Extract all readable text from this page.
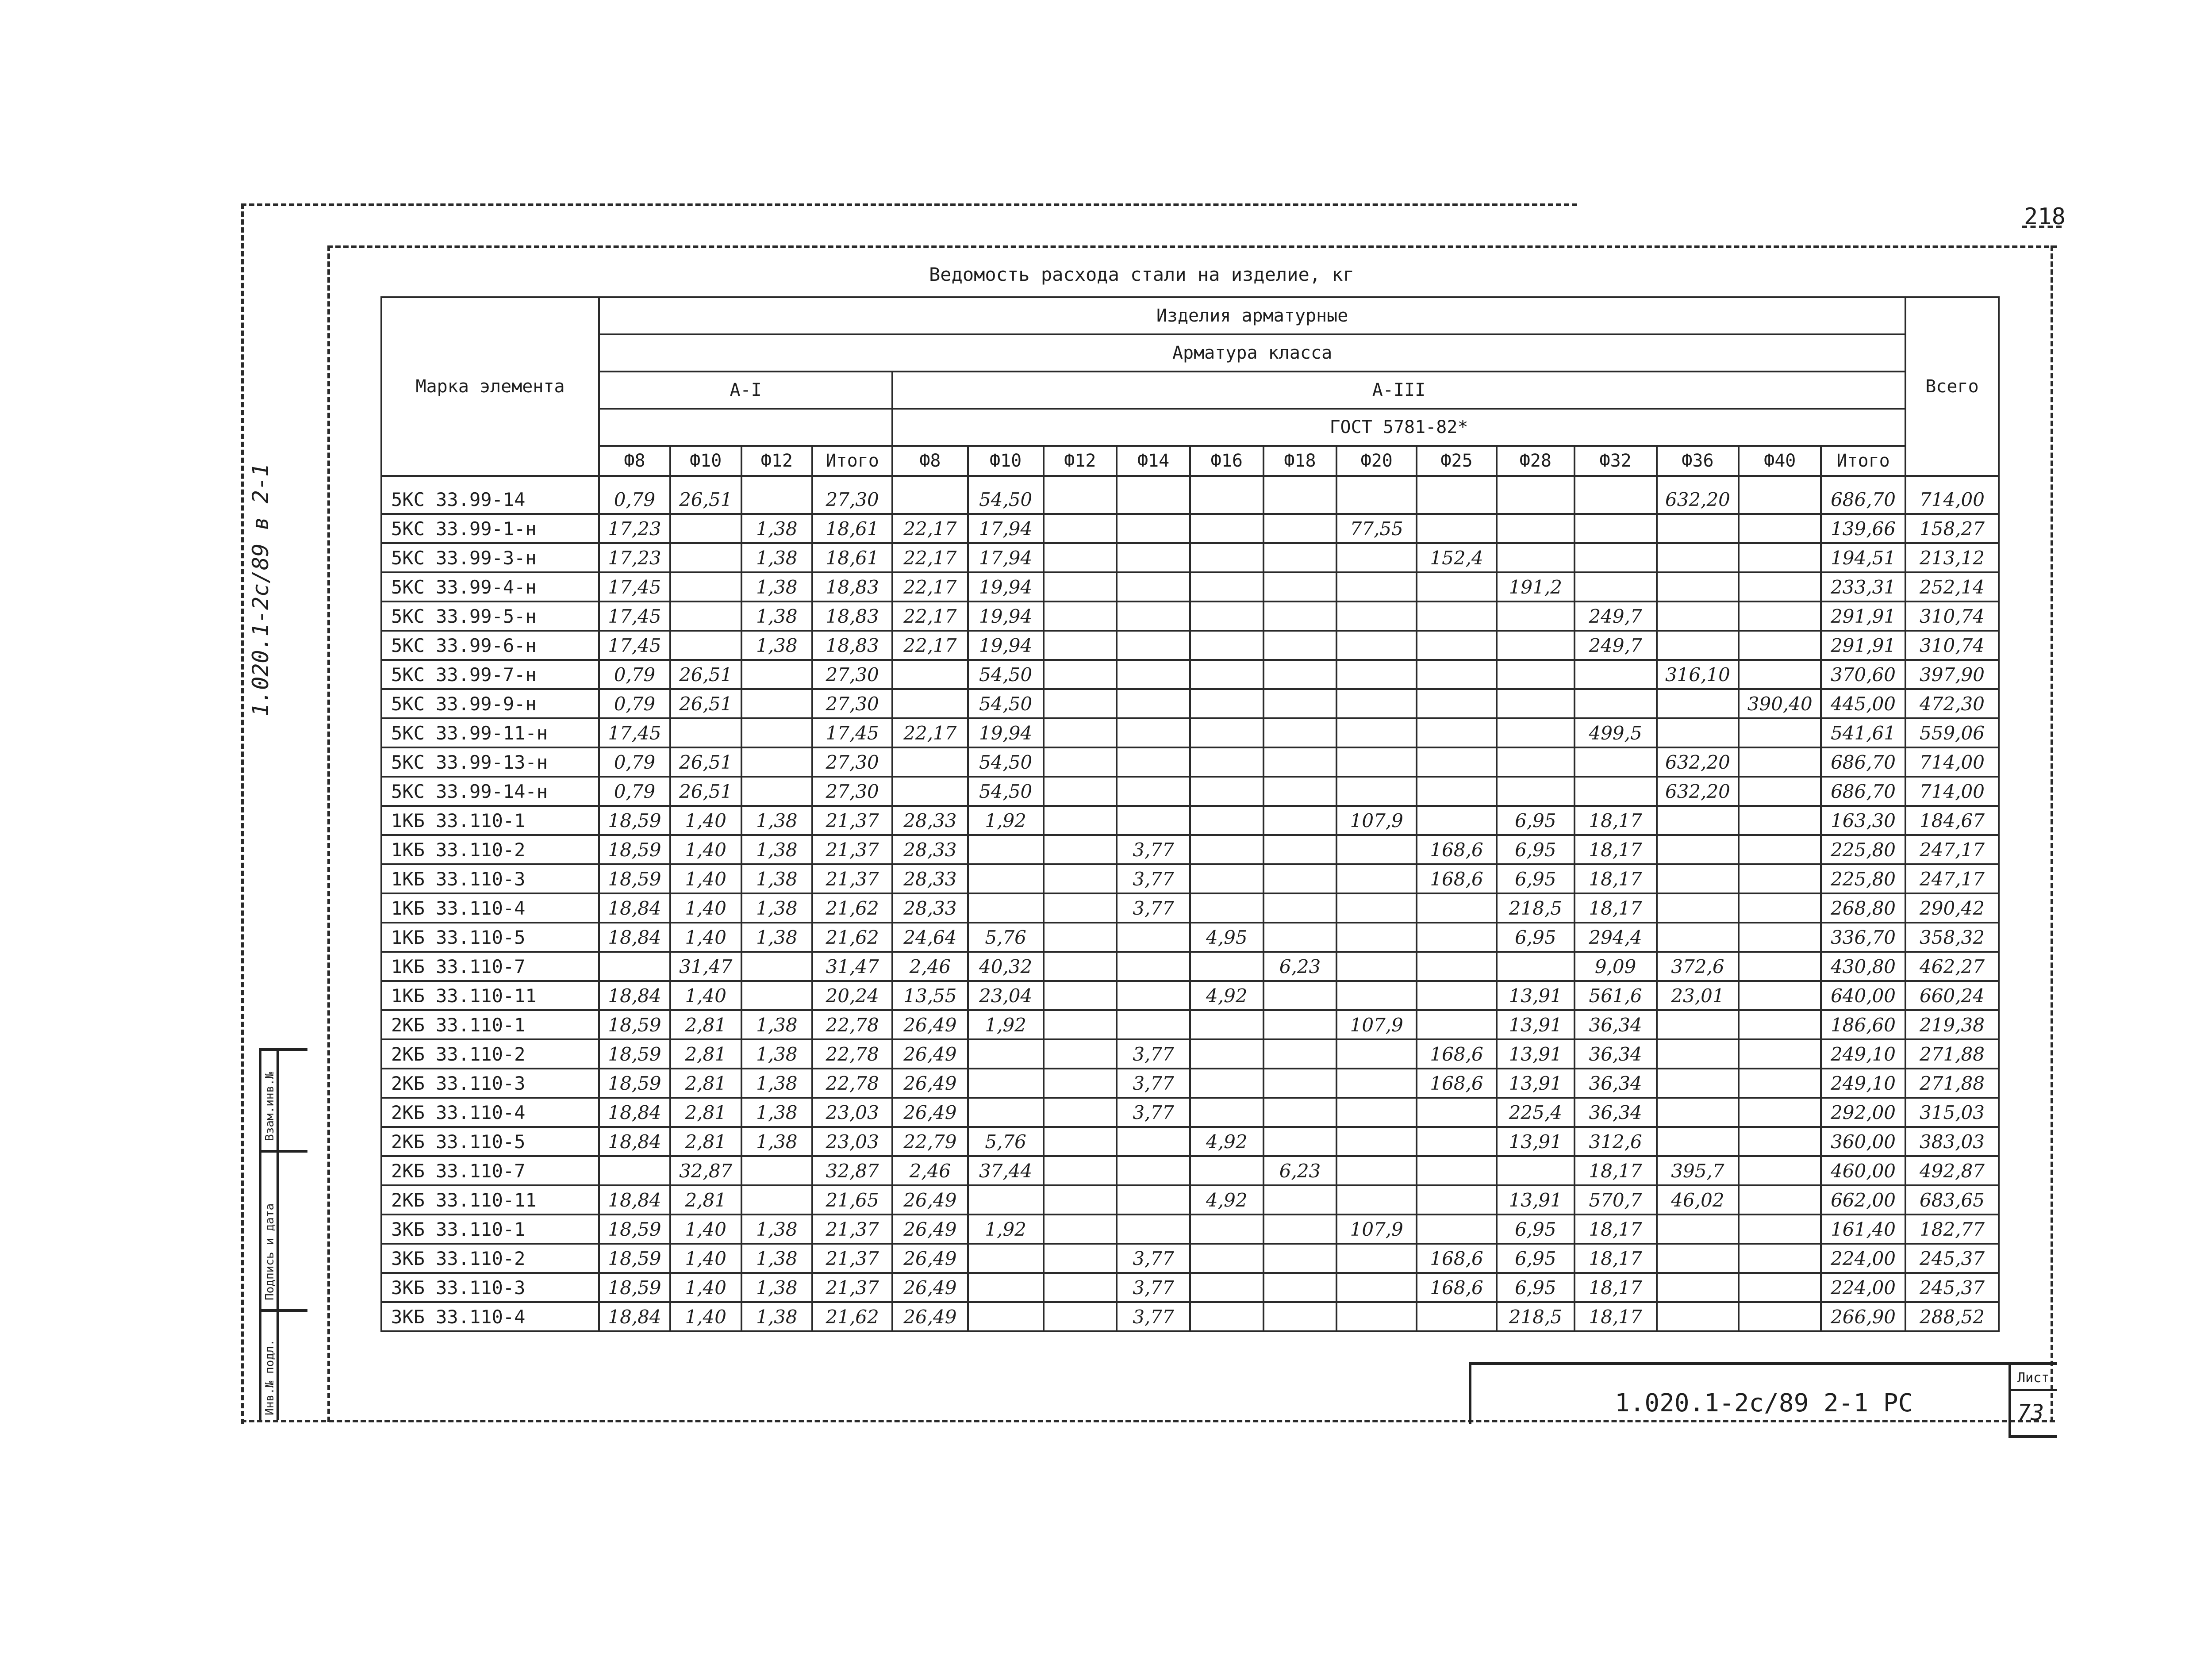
218
Ведомость расхода стали на изделие, кг
1.020.1-2с/89 в 2-1
Взам.инв.№
Подпись и дата
Инв.№ подл.
Марка элемента	Изделия арматурные																	Всего
	Арматура класса																	
	А-I				А-III													
					ГОСТ 5781-82*													
	Ф8	Ф10	Ф12	Итого	Ф8	Ф10	Ф12	Ф14	Ф16	Ф18	Ф20	Ф25	Ф28	Ф32	Ф36	Ф40	Итого	
5КС 33.99-14	0,79	26,51		27,30		54,50									632,20		686,70	714,00
5КС 33.99-1-н	17,23		1,38	18,61	22,17	17,94					77,55						139,66	158,27
5КС 33.99-3-н	17,23		1,38	18,61	22,17	17,94						152,4					194,51	213,12
5КС 33.99-4-н	17,45		1,38	18,83	22,17	19,94							191,2				233,31	252,14
5КС 33.99-5-н	17,45		1,38	18,83	22,17	19,94								249,7			291,91	310,74
5КС 33.99-6-н	17,45		1,38	18,83	22,17	19,94								249,7			291,91	310,74
5КС 33.99-7-н	0,79	26,51		27,30		54,50									316,10		370,60	397,90
5КС 33.99-9-н	0,79	26,51		27,30		54,50										390,40	445,00	472,30
5КС 33.99-11-н	17,45			17,45	22,17	19,94								499,5			541,61	559,06
5КС 33.99-13-н	0,79	26,51		27,30		54,50									632,20		686,70	714,00
5КС 33.99-14-н	0,79	26,51		27,30		54,50									632,20		686,70	714,00
1КБ 33.110-1	18,59	1,40	1,38	21,37	28,33	1,92					107,9		6,95	18,17			163,30	184,67
1КБ 33.110-2	18,59	1,40	1,38	21,37	28,33			3,77				168,6	6,95	18,17			225,80	247,17
1КБ 33.110-3	18,59	1,40	1,38	21,37	28,33			3,77				168,6	6,95	18,17			225,80	247,17
1КБ 33.110-4	18,84	1,40	1,38	21,62	28,33			3,77					218,5	18,17			268,80	290,42
1КБ 33.110-5	18,84	1,40	1,38	21,62	24,64	5,76			4,95				6,95	294,4			336,70	358,32
1КБ 33.110-7		31,47		31,47	2,46	40,32				6,23				9,09	372,6		430,80	462,27
1КБ 33.110-11	18,84	1,40		20,24	13,55	23,04			4,92				13,91	561,6	23,01		640,00	660,24
2КБ 33.110-1	18,59	2,81	1,38	22,78	26,49	1,92					107,9		13,91	36,34			186,60	219,38
2КБ 33.110-2	18,59	2,81	1,38	22,78	26,49			3,77				168,6	13,91	36,34			249,10	271,88
2КБ 33.110-3	18,59	2,81	1,38	22,78	26,49			3,77				168,6	13,91	36,34			249,10	271,88
2КБ 33.110-4	18,84	2,81	1,38	23,03	26,49			3,77					225,4	36,34			292,00	315,03
2КБ 33.110-5	18,84	2,81	1,38	23,03	22,79	5,76			4,92				13,91	312,6			360,00	383,03
2КБ 33.110-7		32,87		32,87	2,46	37,44				6,23				18,17	395,7		460,00	492,87
2КБ 33.110-11	18,84	2,81		21,65	26,49				4,92				13,91	570,7	46,02		662,00	683,65
3КБ 33.110-1	18,59	1,40	1,38	21,37	26,49	1,92					107,9		6,95	18,17			161,40	182,77
3КБ 33.110-2	18,59	1,40	1,38	21,37	26,49			3,77				168,6	6,95	18,17			224,00	245,37
3КБ 33.110-3	18,59	1,40	1,38	21,37	26,49			3,77				168,6	6,95	18,17			224,00	245,37
3КБ 33.110-4	18,84	1,40	1,38	21,62	26,49			3,77					218,5	18,17			266,90	288,52
1.020.1-2с/89 2-1 РС
Лист
73
